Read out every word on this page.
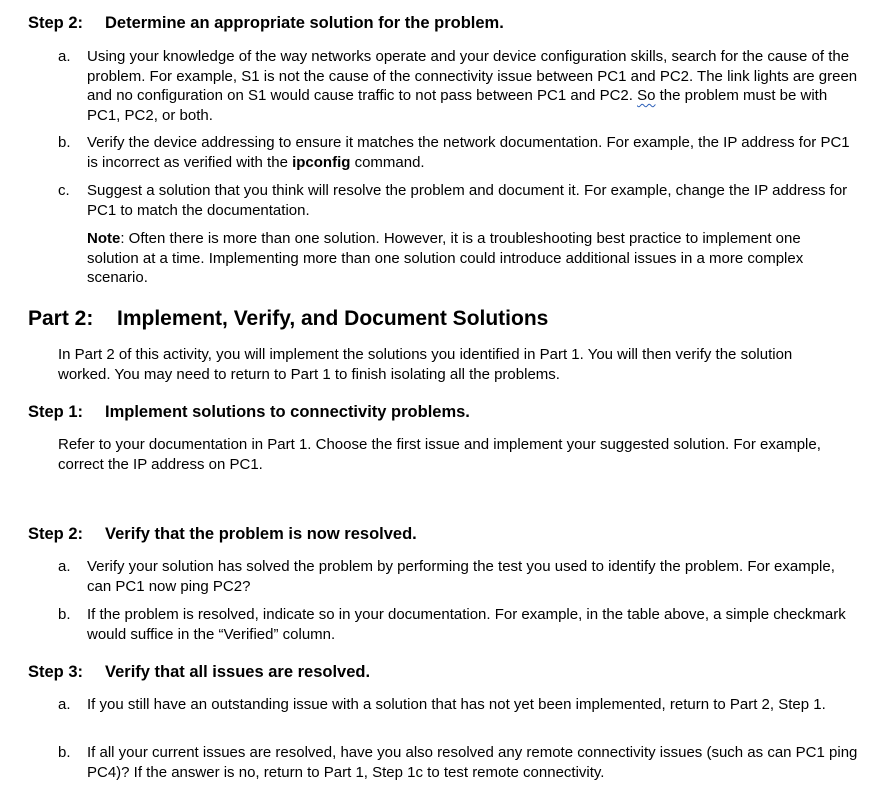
Step 2: Determine an appropriate solution for the problem.
a.	Using your knowledge of the way networks operate and your device configuration skills, search for the cause of the problem. For example, S1 is not the cause of the connectivity issue between PC1 and PC2. The link lights are green and no configuration on S1 would cause traffic to not pass between PC1 and PC2. So the problem must be with PC1, PC2, or both.
b.	Verify the device addressing to ensure it matches the network documentation. For example, the IP address for PC1 is incorrect as verified with the ipconfig command.
c.	Suggest a solution that you think will resolve the problem and document it. For example, change the IP address for PC1 to match the documentation.
Note: Often there is more than one solution. However, it is a troubleshooting best practice to implement one solution at a time. Implementing more than one solution could introduce additional issues in a more complex scenario.
Part 2: Implement, Verify, and Document Solutions
In Part 2 of this activity, you will implement the solutions you identified in Part 1. You will then verify the solution worked. You may need to return to Part 1 to finish isolating all the problems.
Step 1: Implement solutions to connectivity problems.
Refer to your documentation in Part 1. Choose the first issue and implement your suggested solution. For example, correct the IP address on PC1.
Step 2: Verify that the problem is now resolved.
a.	Verify your solution has solved the problem by performing the test you used to identify the problem. For example, can PC1 now ping PC2?
b.	If the problem is resolved, indicate so in your documentation. For example, in the table above, a simple checkmark would suffice in the “Verified” column.
Step 3: Verify that all issues are resolved.
a.	If you still have an outstanding issue with a solution that has not yet been implemented, return to Part 2, Step 1.
b.	If all your current issues are resolved, have you also resolved any remote connectivity issues (such as can PC1 ping PC4)? If the answer is no, return to Part 1, Step 1c to test remote connectivity.
